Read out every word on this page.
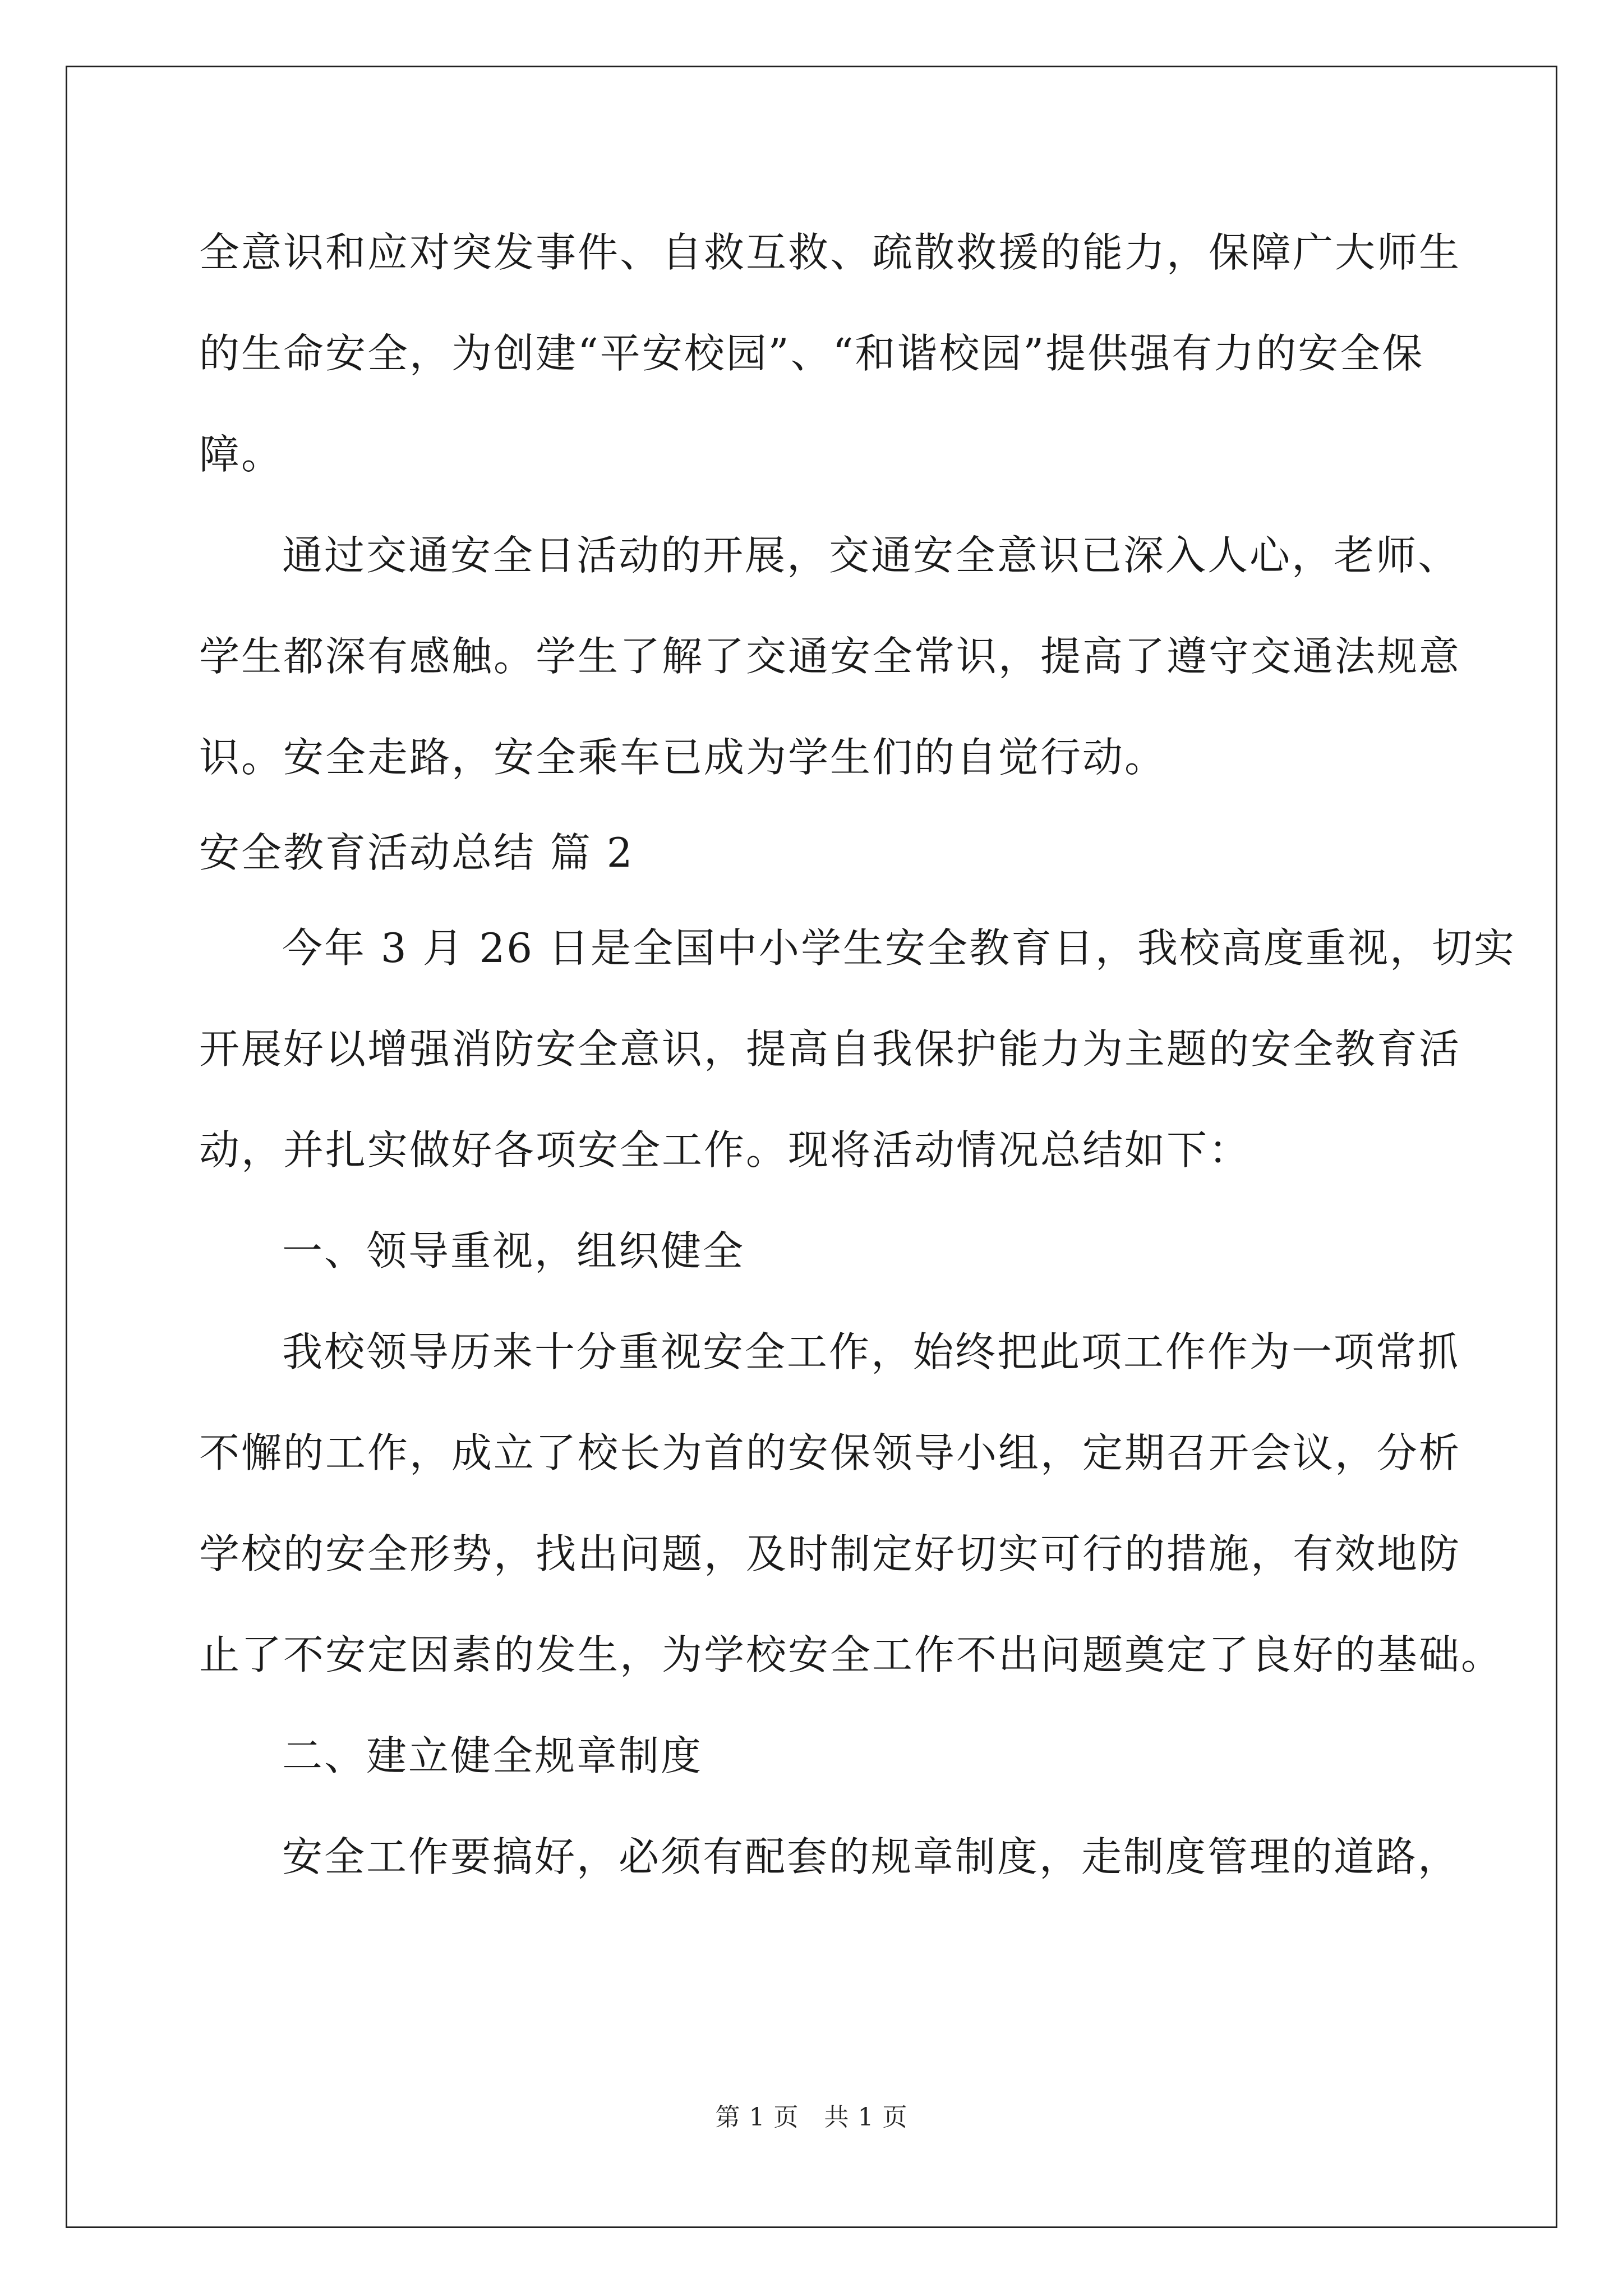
全意识和应对突发事件、自救互救、疏散救援的能力，保障广大师生
的生命安全，为创建“平安校园”、“和谐校园”提供强有力的安全保
障。
通过交通安全日活动的开展，交通安全意识已深入人心，老师、
学生都深有感触。学生了解了交通安全常识，提高了遵守交通法规意
识。安全走路，安全乘车已成为学生们的自觉行动。
安全教育活动总结 篇 2
今年 3 月 26 日是全国中小学生安全教育日，我校高度重视，切实
开展好以增强消防安全意识，提高自我保护能力为主题的安全教育活
动，并扎实做好各项安全工作。现将活动情况总结如下：
一、领导重视，组织健全
我校领导历来十分重视安全工作，始终把此项工作作为一项常抓
不懈的工作，成立了校长为首的安保领导小组，定期召开会议，分析
学校的安全形势，找出问题，及时制定好切实可行的措施，有效地防
止了不安定因素的发生，为学校安全工作不出问题奠定了良好的基础。
二、建立健全规章制度
安全工作要搞好，必须有配套的规章制度，走制度管理的道路，
第 1 页　共 1 页
